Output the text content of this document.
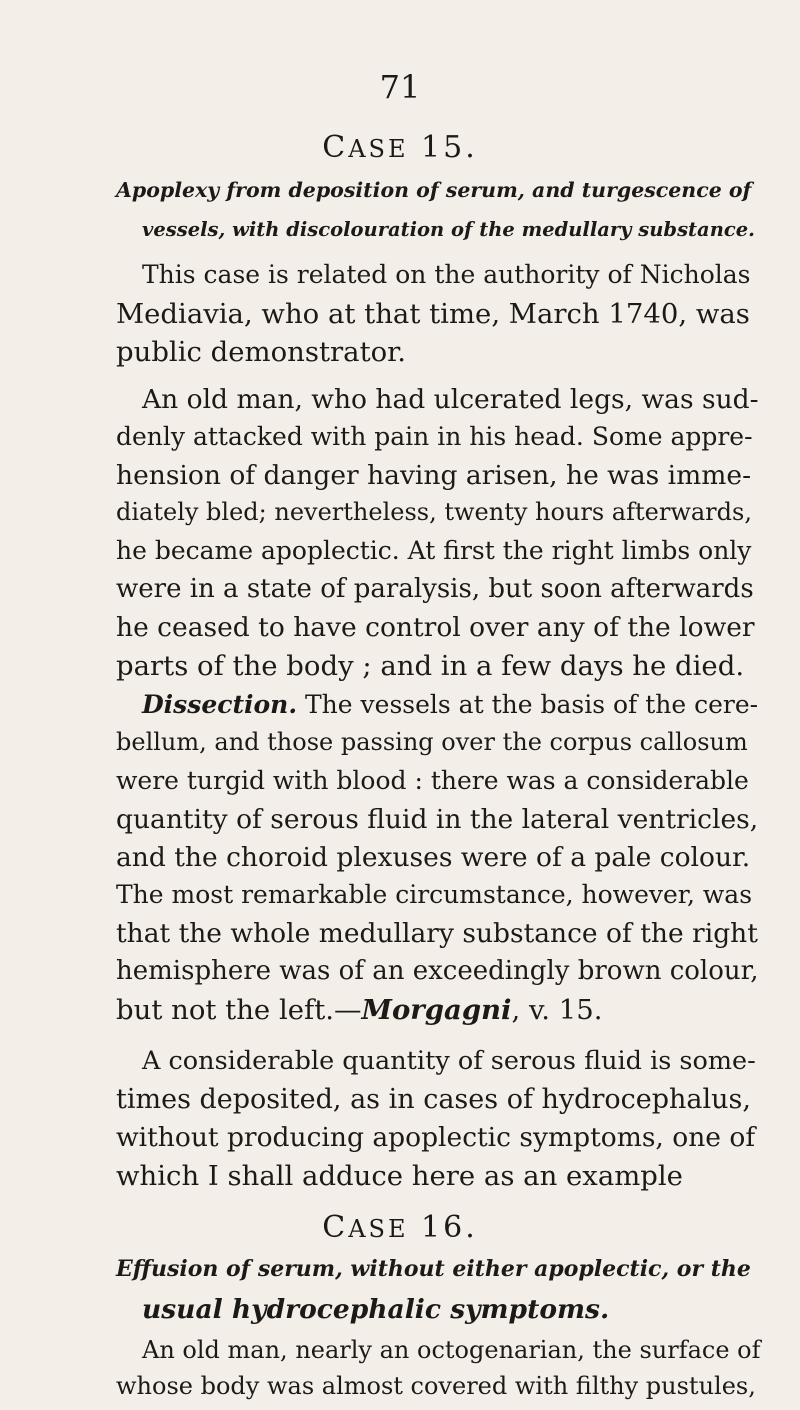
71
CASE 15.
Apoplexy from deposition of serum, and turgescence of
vessels, with discolouration of the medullary substance.
This case is related on the authority of Nicholas
Mediavia, who at that time, March 1740, was
public demonstrator.
An old man, who had ulcerated legs, was sud-
denly attacked with pain in his head. Some appre-
hension of danger having arisen, he was imme-
diately bled; nevertheless, twenty hours afterwards,
he became apoplectic. At first the right limbs only
were in a state of paralysis, but soon afterwards
he ceased to have control over any of the lower
parts of the body ; and in a few days he died.
Dissection. The vessels at the basis of the cere-
bellum, and those passing over the corpus callosum
were turgid with blood : there was a considerable
quantity of serous fluid in the lateral ventricles,
and the choroid plexuses were of a pale colour.
The most remarkable circumstance, however, was
that the whole medullary substance of the right
hemisphere was of an exceedingly brown colour,
but not the left.—Morgagni, v. 15.
A considerable quantity of serous fluid is some-
times deposited, as in cases of hydrocephalus,
without producing apoplectic symptoms, one of
which I shall adduce here as an example
CASE 16.
Effusion of serum, without either apoplectic, or the
usual hydrocephalic symptoms.
An old man, nearly an octogenarian, the surface of
whose body was almost covered with filthy pustules,
